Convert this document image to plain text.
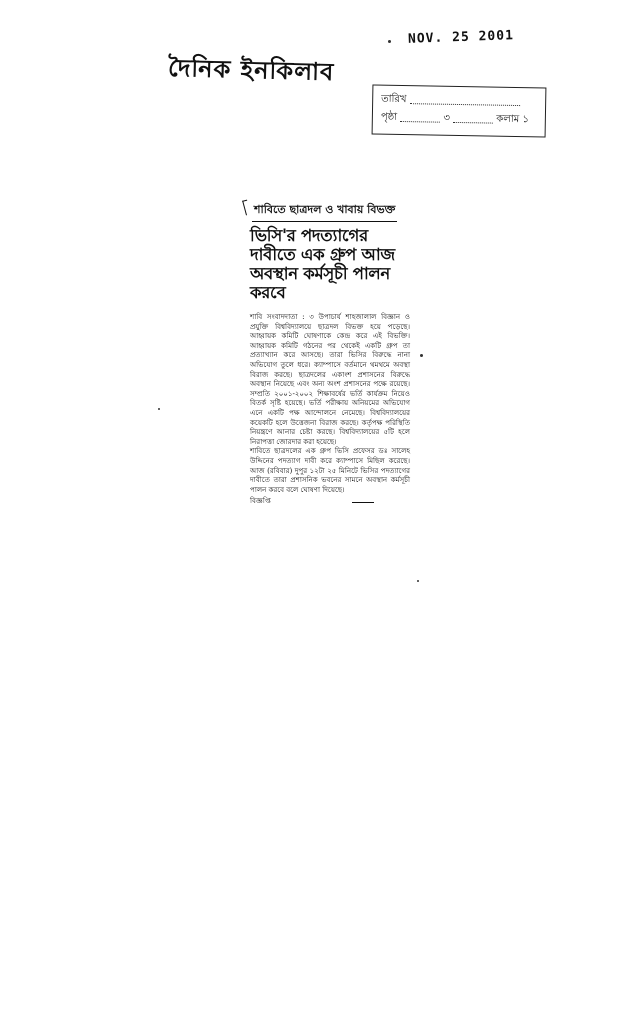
NOV. 25 2001
দৈনিক ইনকিলাব
তারিখ
পৃষ্ঠা	৩	কলাম ১
শাবিতে ছাত্রদল ও খাবায় বিভক্ত
ভিসি'র পদত্যাগের দাবীতে এক গ্রুপ আজ অবস্থান কর্মসূচী পালন করবে

শাবি সংবাদদাতা : ৩ উপাচার্য শাহজালাল বিজ্ঞান ও প্রযুক্তি বিশ্ববিদ্যালয়ে ছাত্রদল বিভক্ত হয়ে পড়েছে। আহ্বায়ক কমিটি ঘোষণাকে কেন্দ্র করে এই বিভক্তি। আহ্বায়ক কমিটি গঠনের পর থেকেই একটি গ্রুপ তা প্রত্যাখ্যান করে আসছে। তারা ভিসির বিরুদ্ধে নানা অভিযোগ তুলে ধরে। ক্যাম্পাসে বর্তমানে থমথমে অবস্থা বিরাজ করছে। ছাত্রদলের একাংশ প্রশাসনের বিরুদ্ধে অবস্থান নিয়েছে এবং অন্য অংশ প্রশাসনের পক্ষে রয়েছে। সম্প্রতি ২০০১-২০০২ শিক্ষাবর্ষের ভর্তি কার্যক্রম নিয়েও বিতর্ক সৃষ্টি হয়েছে। ভর্তি পরীক্ষায় অনিয়মের অভিযোগ এনে একটি পক্ষ আন্দোলনে নেমেছে। বিশ্ববিদ্যালয়ের কয়েকটি হলে উত্তেজনা বিরাজ করছে। কর্তৃপক্ষ পরিস্থিতি নিয়ন্ত্রণে আনার চেষ্টা করছে। বিশ্ববিদ্যালয়ের ৫টি হলে নিরাপত্তা জোরদার করা হয়েছে।

শাবিতে ছাত্রদলের এক গ্রুপ ভিসি প্রফেসর ডঃ সালেহ উদ্দিনের পদত্যাগ দাবী করে ক্যাম্পাসে মিছিল করেছে। আজ (রবিবার) দুপুর ১২টা ২৫ মিনিটে ভিসির পদত্যাগের দাবীতে তারা প্রশাসনিক ভবনের সামনে অবস্থান কর্মসূচী পালন করবে বলে ঘোষণা দিয়েছে।

বিজ্ঞপ্তি
